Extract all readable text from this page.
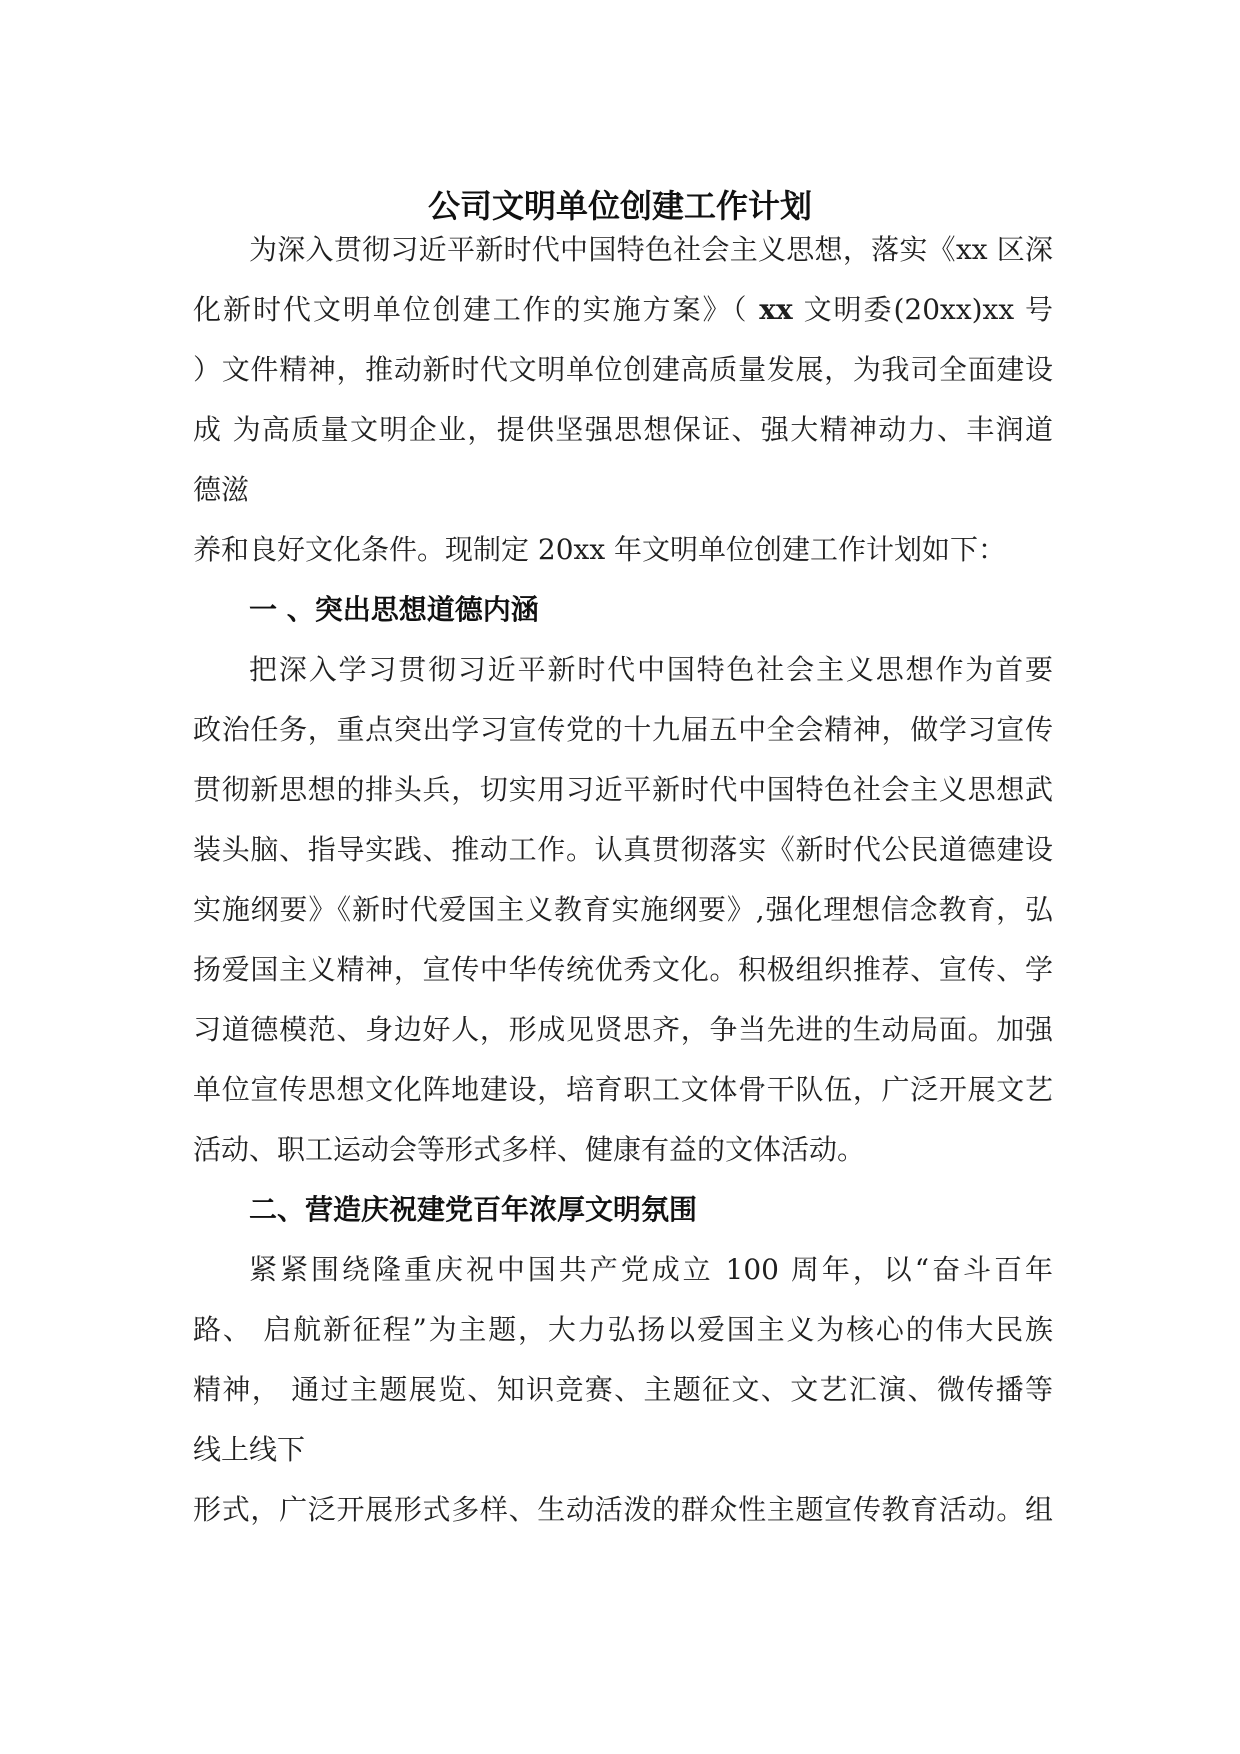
公司文明单位创建工作计划
为深入贯彻习近平新时代中国特色社会主义思想，落实《xx 区深
化新时代文明单位创建工作的实施方案》（ xx 文明委(20xx)xx 号
）文件精神，推动新时代文明单位创建高质量发展，为我司全面建设
成 为高质量文明企业，提供坚强思想保证、强大精神动力、丰润道
德滋
养和良好文化条件。现制定 20xx 年文明单位创建工作计划如下：
一 、突出思想道德内涵
把深入学习贯彻习近平新时代中国特色社会主义思想作为首要
政治任务，重点突出学习宣传党的十九届五中全会精神，做学习宣传
贯彻新思想的排头兵，切实用习近平新时代中国特色社会主义思想武
装头脑、指导实践、推动工作。认真贯彻落实《新时代公民道德建设
实施纲要》《新时代爱国主义教育实施纲要》,强化理想信念教育，弘
扬爱国主义精神，宣传中华传统优秀文化。积极组织推荐、宣传、学
习道德模范、身边好人，形成见贤思齐，争当先进的生动局面。加强
单位宣传思想文化阵地建设，培育职工文体骨干队伍，广泛开展文艺
活动、职工运动会等形式多样、健康有益的文体活动。
二、营造庆祝建党百年浓厚文明氛围
紧紧围绕隆重庆祝中国共产党成立 100 周年，以“奋斗百年
路、 启航新征程”为主题，大力弘扬以爱国主义为核心的伟大民族
精神， 通过主题展览、知识竞赛、主题征文、文艺汇演、微传播等
线上线下
形式，广泛开展形式多样、生动活泼的群众性主题宣传教育活动。组
